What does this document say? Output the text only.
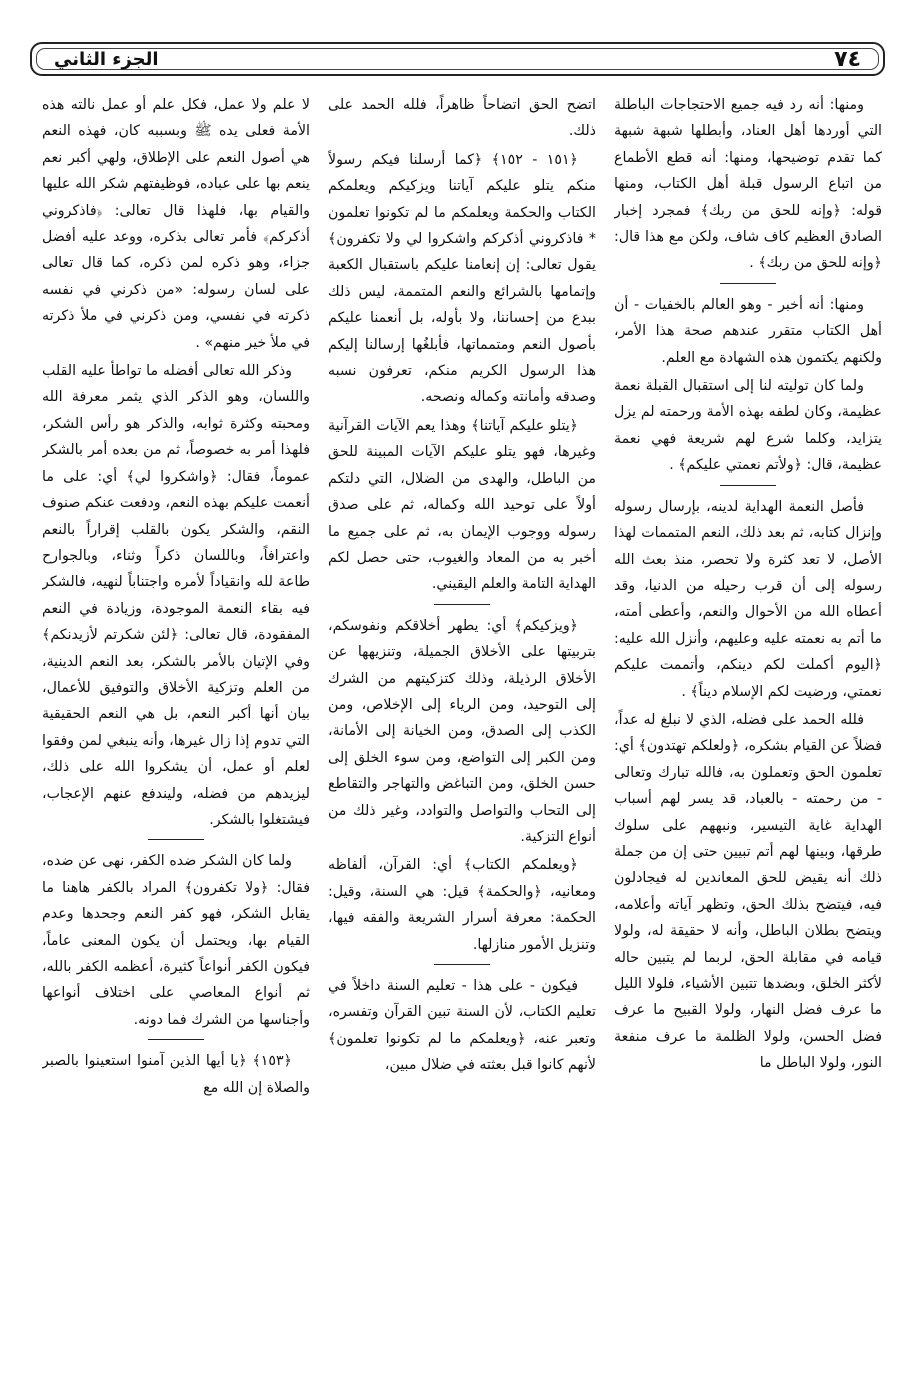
٧٤
الجزء الثاني

ومنها: أنه رد فيه جميع الاحتجاجات الباطلة التي أوردها أهل العناد، وأبطلها شبهة شبهة كما تقدم توضيحها، ومنها: أنه قطع الأطماع من اتباع الرسول قبلة أهل الكتاب، ومنها قوله: ﴿وإنه للحق من ربك﴾ فمجرد إخبار الصادق العظيم كاف شاف، ولكن مع هذا قال: ﴿وإنه للحق من ربك﴾ .

ومنها: أنه أخبر - وهو العالم بالخفيات - أن أهل الكتاب متقرر عندهم صحة هذا الأمر، ولكنهم يكتمون هذه الشهادة مع العلم.

ولما كان توليته لنا إلى استقبال القبلة نعمة عظيمة، وكان لطفه بهذه الأمة ورحمته لم يزل يتزايد، وكلما شرع لهم شريعة فهي نعمة عظيمة، قال: ﴿ولأتم نعمتي عليكم﴾ .

فأصل النعمة الهداية لدينه، بإرسال رسوله وإنزال كتابه، ثم بعد ذلك، النعم المتممات لهذا الأصل، لا تعد كثرة ولا تحصر، منذ بعث الله رسوله إلى أن قرب رحيله من الدنيا، وقد أعطاه الله من الأحوال والنعم، وأعطى أمته، ما أتم به نعمته عليه وعليهم، وأنزل الله عليه: ﴿اليوم أكملت لكم دينكم، وأتممت عليكم نعمتي، ورضيت لكم الإسلام ديناً﴾ .

فلله الحمد على فضله، الذي لا نبلغ له عداً، فضلاً عن القيام بشكره، ﴿ولعلكم تهتدون﴾ أي: تعلمون الحق وتعملون به، فالله تبارك وتعالى - من رحمته - بالعباد، قد يسر لهم أسباب الهداية غاية التيسير، ونبههم على سلوك طرقها، وبينها لهم أتم تبيين حتى إن من جملة ذلك أنه يقيض للحق المعاندين له فيجادلون فيه، فيتضح بذلك الحق، وتظهر آياته وأعلامه، ويتضح بطلان الباطل، وأنه لا حقيقة له، ولولا قيامه في مقابلة الحق، لربما لم يتبين حاله لأكثر الخلق، وبضدها تتبين الأشياء، فلولا الليل ما عرف فضل النهار، ولولا القبيح ما عرف فضل الحسن، ولولا الظلمة ما عرف منفعة النور، ولولا الباطل ما

اتضح الحق اتضاحاً ظاهراً، فلله الحمد على ذلك.

﴿١٥١ - ١٥٢﴾ ﴿كما أرسلنا فيكم رسولاً منكم يتلو عليكم آياتنا ويزكيكم ويعلمكم الكتاب والحكمة ويعلمكم ما لم تكونوا تعلمون * فاذكروني أذكركم واشكروا لي ولا تكفرون﴾ يقول تعالى: إن إنعامنا عليكم باستقبال الكعبة وإتمامها بالشرائع والنعم المتممة، ليس ذلك ببدع من إحساننا، ولا بأوله، بل أنعمنا عليكم بأصول النعم ومتمماتها، فأبلغُها إرسالنا إليكم هذا الرسول الكريم منكم، تعرفون نسبه وصدقه وأمانته وكماله ونصحه.

﴿يتلو عليكم آياتنا﴾ وهذا يعم الآيات القرآنية وغيرها، فهو يتلو عليكم الآيات المبينة للحق من الباطل، والهدى من الضلال، التي دلتكم أولاً على توحيد الله وكماله، ثم على صدق رسوله ووجوب الإيمان به، ثم على جميع ما أخبر به من المعاد والغيوب، حتى حصل لكم الهداية التامة والعلم اليقيني.

﴿ويزكيكم﴾ أي: يطهر أخلاقكم ونفوسكم، بتربيتها على الأخلاق الجميلة، وتنزيهها عن الأخلاق الرذيلة، وذلك كتزكيتهم من الشرك إلى التوحيد، ومن الرياء إلى الإخلاص، ومن الكذب إلى الصدق، ومن الخيانة إلى الأمانة، ومن الكبر إلى التواضع، ومن سوء الخلق إلى حسن الخلق، ومن التباغض والتهاجر والتقاطع إلى التحاب والتواصل والتوادد، وغير ذلك من أنواع التزكية.

﴿ويعلمكم الكتاب﴾ أي: القرآن، ألفاظه ومعانيه، ﴿والحكمة﴾ قيل: هي السنة، وقيل: الحكمة: معرفة أسرار الشريعة والفقه فيها، وتنزيل الأمور منازلها.

فيكون - على هذا - تعليم السنة داخلاً في تعليم الكتاب، لأن السنة تبين القرآن وتفسره، وتعبر عنه، ﴿ويعلمكم ما لم تكونوا تعلمون﴾ لأنهم كانوا قبل بعثته في ضلال مبين،

لا علم ولا عمل، فكل علم أو عمل نالته هذه الأمة فعلى يده ﷺ وبسببه كان، فهذه النعم هي أصول النعم على الإطلاق، ولهي أكبر نعم ينعم بها على عباده، فوظيفتهم شكر الله عليها والقيام بها، فلهذا قال تعالى: ﴿فاذكروني أذكركم﴾ فأمر تعالى بذكره، ووعد عليه أفضل جزاء، وهو ذكره لمن ذكره، كما قال تعالى على لسان رسوله: «من ذكرني في نفسه ذكرته في نفسي، ومن ذكرني في ملأ ذكرته في ملأ خير منهم» .

وذكر الله تعالى أفضله ما تواطأ عليه القلب واللسان، وهو الذكر الذي يثمر معرفة الله ومحبته وكثرة ثوابه، والذكر هو رأس الشكر، فلهذا أمر به خصوصاً، ثم من بعده أمر بالشكر عموماً، فقال: ﴿واشكروا لي﴾ أي: على ما أنعمت عليكم بهذه النعم، ودفعت عنكم صنوف النقم، والشكر يكون بالقلب إقراراً بالنعم واعترافاً، وباللسان ذكراً وثناء، وبالجوارح طاعة لله وانقياداً لأمره واجتناباً لنهيه، فالشكر فيه بقاء النعمة الموجودة، وزيادة في النعم المفقودة، قال تعالى: ﴿لئن شكرتم لأزيدنكم﴾ وفي الإتيان بالأمر بالشكر، بعد النعم الدينية، من العلم وتزكية الأخلاق والتوفيق للأعمال، بيان أنها أكبر النعم، بل هي النعم الحقيقية التي تدوم إذا زال غيرها، وأنه ينبغي لمن وفقوا لعلم أو عمل، أن يشكروا الله على ذلك، ليزيدهم من فضله، وليندفع عنهم الإعجاب، فيشتغلوا بالشكر.

ولما كان الشكر ضده الكفر، نهى عن ضده، فقال: ﴿ولا تكفرون﴾ المراد بالكفر هاهنا ما يقابل الشكر، فهو كفر النعم وجحدها وعدم القيام بها، ويحتمل أن يكون المعنى عاماً، فيكون الكفر أنواعاً كثيرة، أعظمه الكفر بالله، ثم أنواع المعاصي على اختلاف أنواعها وأجناسها من الشرك فما دونه.

﴿١٥٣﴾ ﴿يا أيها الذين آمنوا استعينوا بالصبر والصلاة إن الله مع
